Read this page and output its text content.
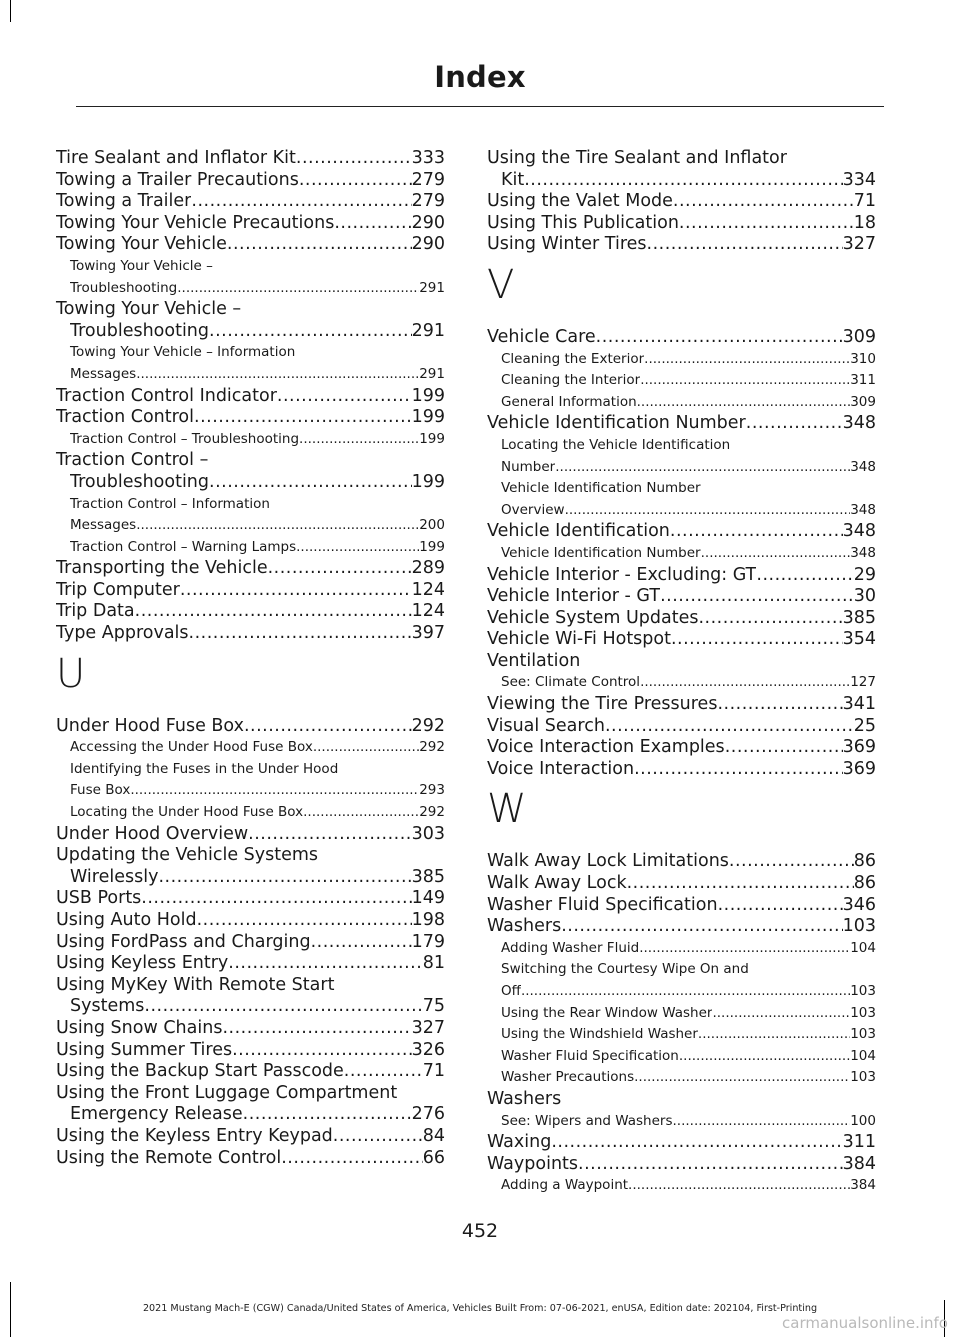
Index
Tire Sealant and Inflator Kit .....	333
Towing a Trailer Precautions .....	279
Towing a Trailer .....	279
Towing Your Vehicle Precautions .....	290
Towing Your Vehicle .....	290
Towing Your Vehicle –
Troubleshooting .....	291
Towing Your Vehicle –
Troubleshooting .....	291
Towing Your Vehicle – Information
Messages .....	291
Traction Control Indicator .....	199
Traction Control .....	199
Traction Control – Troubleshooting .....	199
Traction Control –
Troubleshooting .....	199
Traction Control – Information
Messages .....	200
Traction Control – Warning Lamps .....	199
Transporting the Vehicle .....	289
Trip Computer .....	124
Trip Data .....	124
Type Approvals .....	397
U
Under Hood Fuse Box .....	292
Accessing the Under Hood Fuse Box .....	292
Identifying the Fuses in the Under Hood
Fuse Box .....	293
Locating the Under Hood Fuse Box .....	292
Under Hood Overview .....	303
Updating the Vehicle Systems
Wirelessly .....	385
USB Ports .....	149
Using Auto Hold .....	198
Using FordPass and Charging .....	179
Using Keyless Entry .....	81
Using MyKey With Remote Start
Systems .....	75
Using Snow Chains .....	327
Using Summer Tires .....	326
Using the Backup Start Passcode .....	71
Using the Front Luggage Compartment
Emergency Release .....	276
Using the Keyless Entry Keypad .....	84
Using the Remote Control .....	66
Using the Tire Sealant and Inflator
Kit .....	334
Using the Valet Mode .....	71
Using This Publication .....	18
Using Winter Tires .....	327
V
Vehicle Care .....	309
Cleaning the Exterior .....	310
Cleaning the Interior .....	311
General Information .....	309
Vehicle Identification Number .....	348
Locating the Vehicle Identification
Number .....	348
Vehicle Identification Number
Overview .....	348
Vehicle Identification .....	348
Vehicle Identification Number .....	348
Vehicle Interior - Excluding: GT .....	29
Vehicle Interior - GT .....	30
Vehicle System Updates .....	385
Vehicle Wi-Fi Hotspot .....	354
Ventilation
See: Climate Control .....	127
Viewing the Tire Pressures .....	341
Visual Search .....	25
Voice Interaction Examples .....	369
Voice Interaction .....	369
W
Walk Away Lock Limitations .....	86
Walk Away Lock .....	86
Washer Fluid Specification .....	346
Washers .....	103
Adding Washer Fluid .....	104
Switching the Courtesy Wipe On and
Off .....	103
Using the Rear Window Washer .....	103
Using the Windshield Washer .....	103
Washer Fluid Specification .....	104
Washer Precautions .....	103
Washers
See: Wipers and Washers .....	100
Waxing .....	311
Waypoints .....	384
Adding a Waypoint .....	384
452
2021 Mustang Mach-E (CGW) Canada/United States of America, Vehicles Built From: 07-06-2021, enUSA, Edition date: 202104, First-Printing
carmanualsonline.info
